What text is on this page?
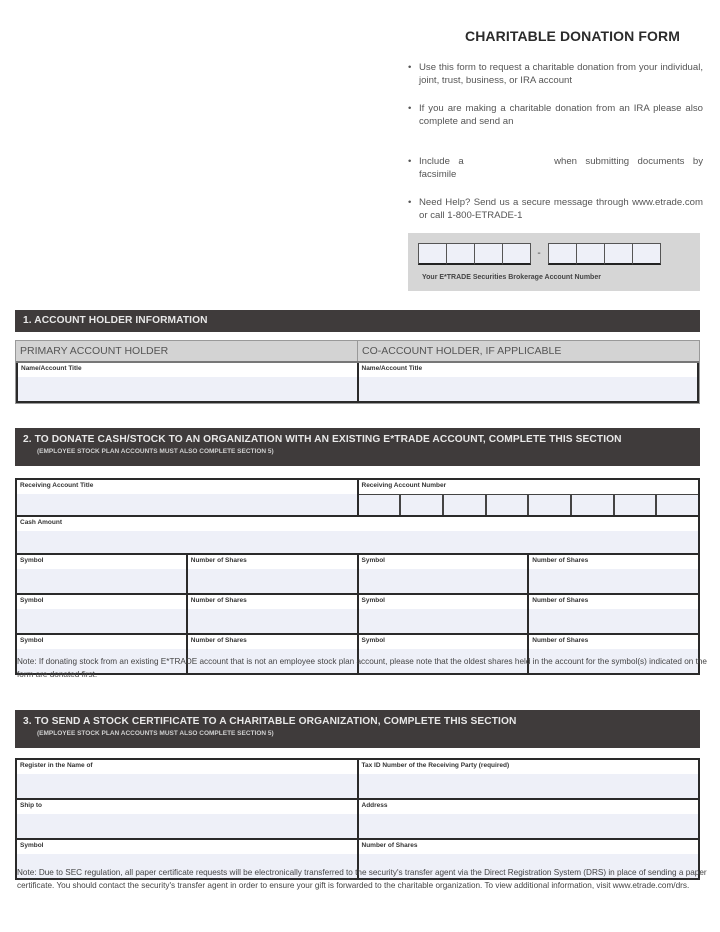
CHARITABLE DONATION FORM
• Use this form to request a charitable donation from your individual, joint, trust, business, or IRA account
• If you are making a charitable donation from an IRA please also complete and send an
• Include a	when submitting documents by facsimile
• Need Help? Send us a secure message through www.etrade.com or call 1-800-ETRADE-1
-
Your E*TRADE Securities Brokerage Account Number
1. ACCOUNT HOLDER INFORMATION
PRIMARY ACCOUNT HOLDER	CO-ACCOUNT HOLDER, IF APPLICABLE
Name/Account Title	Name/Account Title
2. TO DONATE CASH/STOCK TO AN ORGANIZATION WITH AN EXISTING E*TRADE ACCOUNT, COMPLETE THIS SECTION
(EMPLOYEE STOCK PLAN ACCOUNTS MUST ALSO COMPLETE SECTION 5)
Receiving Account Title	Receiving Account Number
Cash Amount
Symbol	Number of Shares	Symbol	Number of Shares
Symbol	Number of Shares	Symbol	Number of Shares
Symbol	Number of Shares	Symbol	Number of Shares
Note: If donating stock from an existing E*TRADE account that is not an employee stock plan account, please note that the oldest shares held in the account for the symbol(s) indicated on the form are donated first.
3. TO SEND A STOCK CERTIFICATE TO A CHARITABLE ORGANIZATION, COMPLETE THIS SECTION
(EMPLOYEE STOCK PLAN ACCOUNTS MUST ALSO COMPLETE SECTION 5)
Register in the Name of	Tax ID Number of the Receiving Party (required)
Ship to	Address
Symbol	Number of Shares
Note: Due to SEC regulation, all paper certificate requests will be electronically transferred to the security's transfer agent via the Direct Registration System (DRS) in place of sending a paper certificate. You should contact the security's transfer agent in order to ensure your gift is forwarded to the charitable organization. To view additional information, visit www.etrade.com/drs.
